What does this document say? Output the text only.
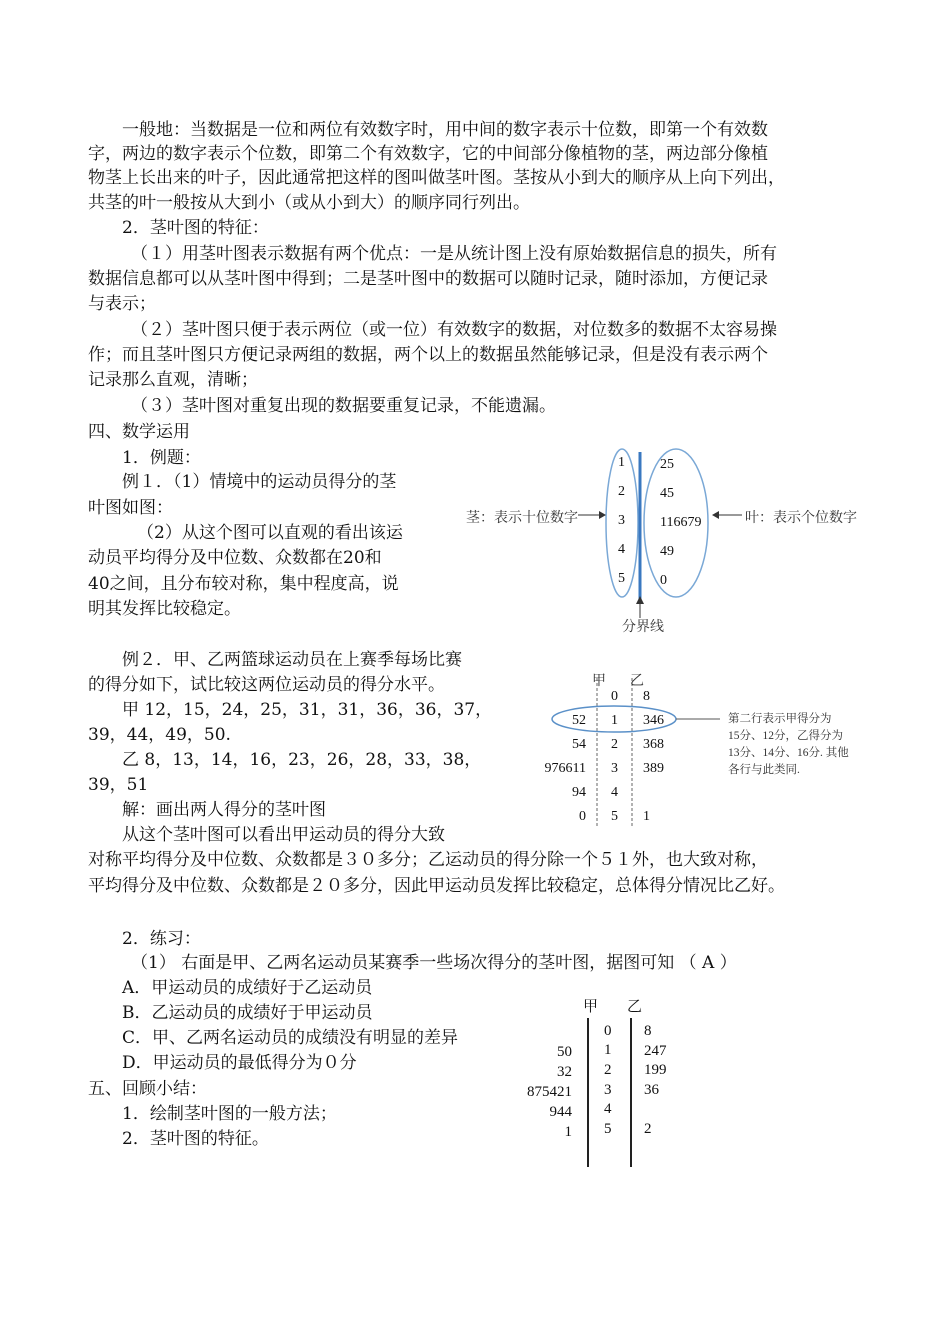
一般地：当数据是一位和两位有效数字时，用中间的数字表示十位数，即第一个有效数
字，两边的数字表示个位数，即第二个有效数字，它的中间部分像植物的茎，两边部分像植
物茎上长出来的叶子，因此通常把这样的图叫做茎叶图。茎按从小到大的顺序从上向下列出，
共茎的叶一般按从大到小（或从小到大）的顺序同行列出。
2．茎叶图的特征：
（１）用茎叶图表示数据有两个优点：一是从统计图上没有原始数据信息的损失，所有
数据信息都可以从茎叶图中得到；二是茎叶图中的数据可以随时记录，随时添加，方便记录
与表示；
（２）茎叶图只便于表示两位（或一位）有效数字的数据，对位数多的数据不太容易操
作；而且茎叶图只方便记录两组的数据，两个以上的数据虽然能够记录，但是没有表示两个
记录那么直观，清晰；
（３）茎叶图对重复出现的数据要重复记录，不能遗漏。
四、数学运用
1．例题：
例１．（1）情境中的运动员得分的茎
叶图如图：
（2）从这个图可以直观的看出该运
动员平均得分及中位数、众数都在20和
40之间，且分布较对称，集中程度高，说
明其发挥比较稳定。
1
2
3
4
5
25
45
116679
49
0
茎：表示十位数字	叶：表示个位数字
分界线
例２．甲、乙两篮球运动员在上赛季每场比赛
的得分如下，试比较这两位运动员的得分水平。
甲 12，15，24，25，31，31，36，36，37，
39，44，49，50.
乙 8，13，14，16，23，26，28，33，38，
39，51
解：画出两人得分的茎叶图
从这个茎叶图可以看出甲运动员的得分大致
对称平均得分及中位数、众数都是３０多分；乙运动员的得分除一个５１外，也大致对称，
平均得分及中位数、众数都是２０多分，因此甲运动员发挥比较稳定，总体得分情况比乙好。
甲 乙
52
54
976611
94
0
0
1
2
3
4
5
8
346
368
389
1
第二行表示甲得分为
15分、12分，乙得分为
13分、14分、16分. 其他
各行与此类同.
2．练习：
（1） 右面是甲、乙两名运动员某赛季一些场次得分的茎叶图，据图可知 （ A ）
A．甲运动员的成绩好于乙运动员
B．乙运动员的成绩好于甲运动员
C．甲、乙两名运动员的成绩没有明显的差异
D．甲运动员的最低得分为０分
五、回顾小结：
1．绘制茎叶图的一般方法；
2．茎叶图的特征。
甲 乙
50
32
875421
944
1
0
1
2
3
4
5
8
247
199
36
2
